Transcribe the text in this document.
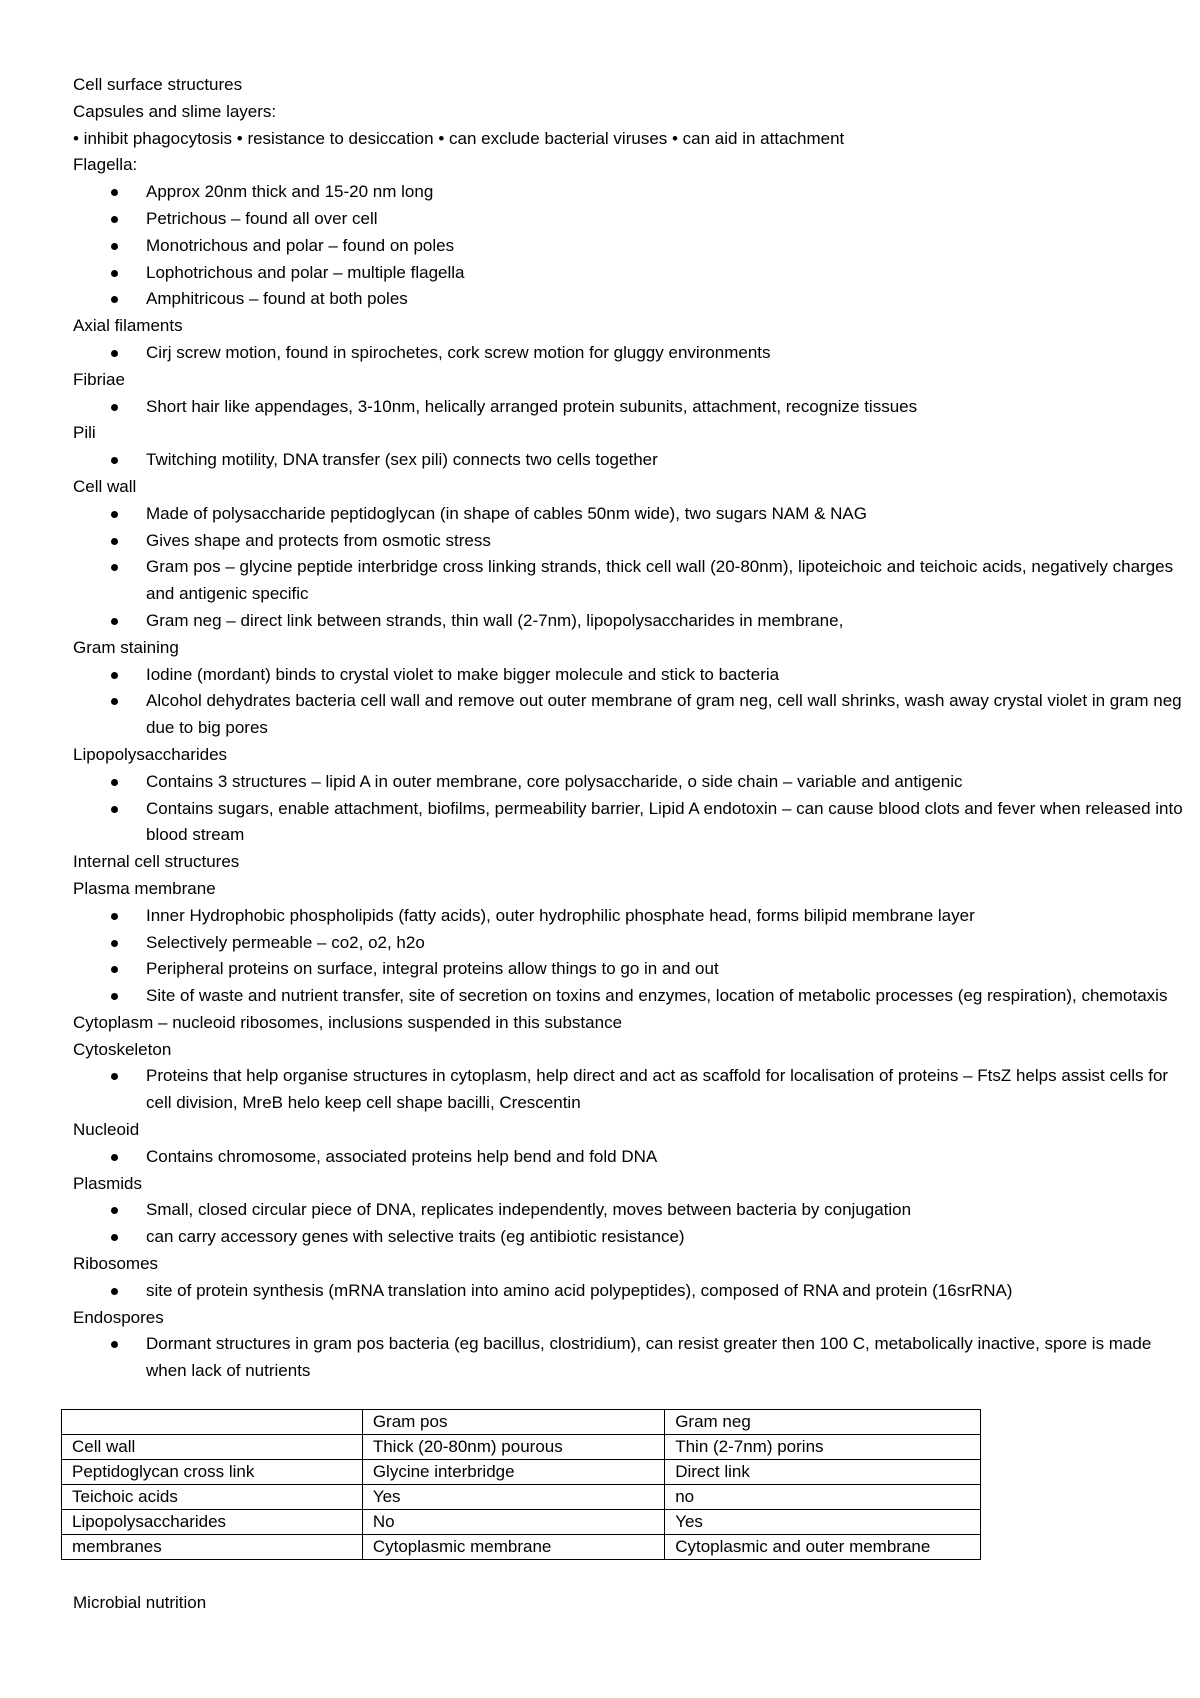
Cell surface structures
Capsules and slime layers:
• inhibit phagocytosis • resistance to desiccation • can exclude bacterial viruses • can aid in attachment
Flagella:
Approx 20nm thick and 15-20 nm long
Petrichous – found all over cell
Monotrichous and polar – found on poles
Lophotrichous and polar – multiple flagella
Amphitricous – found at both poles
Axial filaments
Cirj screw motion, found in spirochetes, cork screw motion for gluggy environments
Fibriae
Short hair like appendages, 3-10nm, helically arranged protein subunits, attachment, recognize tissues
Pili
Twitching motility, DNA transfer (sex pili) connects two cells together
Cell wall
Made of polysaccharide peptidoglycan (in shape of cables 50nm wide), two sugars NAM & NAG
Gives shape and protects from osmotic stress
Gram pos – glycine peptide interbridge cross linking strands, thick cell wall (20-80nm), lipoteichoic and teichoic acids, negatively charges and antigenic specific
Gram neg – direct link between strands, thin wall (2-7nm), lipopolysaccharides in membrane,
Gram staining
Iodine (mordant) binds to crystal violet to make bigger molecule and stick to bacteria
Alcohol dehydrates bacteria cell wall and remove out outer membrane of gram neg, cell wall shrinks, wash away crystal violet in gram neg due to big pores
Lipopolysaccharides
Contains 3 structures – lipid A in outer membrane, core polysaccharide, o side chain – variable and antigenic
Contains sugars, enable attachment, biofilms, permeability barrier, Lipid A endotoxin – can cause blood clots and fever when released into blood stream
Internal cell structures
Plasma membrane
Inner Hydrophobic phospholipids (fatty acids), outer hydrophilic phosphate head, forms bilipid membrane layer
Selectively permeable – co2, o2, h2o
Peripheral proteins on surface, integral proteins allow things to go in and out
Site of waste and nutrient transfer, site of secretion on toxins and enzymes, location of metabolic processes (eg respiration), chemotaxis
Cytoplasm – nucleoid ribosomes, inclusions suspended in this substance
Cytoskeleton
Proteins that help organise structures in cytoplasm, help direct and act as scaffold for localisation of proteins – FtsZ helps assist cells for cell division, MreB helo keep cell shape bacilli, Crescentin
Nucleoid
Contains chromosome, associated proteins help bend and fold DNA
Plasmids
Small, closed circular piece of DNA, replicates independently, moves between bacteria by conjugation
can carry accessory genes with selective traits (eg antibiotic resistance)
Ribosomes
site of protein synthesis (mRNA translation into amino acid polypeptides), composed of RNA and protein (16srRNA)
Endospores
Dormant structures in gram pos bacteria (eg bacillus, clostridium), can resist greater then 100 C, metabolically inactive, spore is made when lack of nutrients
	Gram pos	Gram neg
Cell wall	Thick (20-80nm) pourous	Thin (2-7nm) porins
Peptidoglycan cross link	Glycine interbridge	Direct link
Teichoic acids	Yes	no
Lipopolysaccharides	No	Yes
membranes	Cytoplasmic membrane	Cytoplasmic and outer membrane
Microbial nutrition
